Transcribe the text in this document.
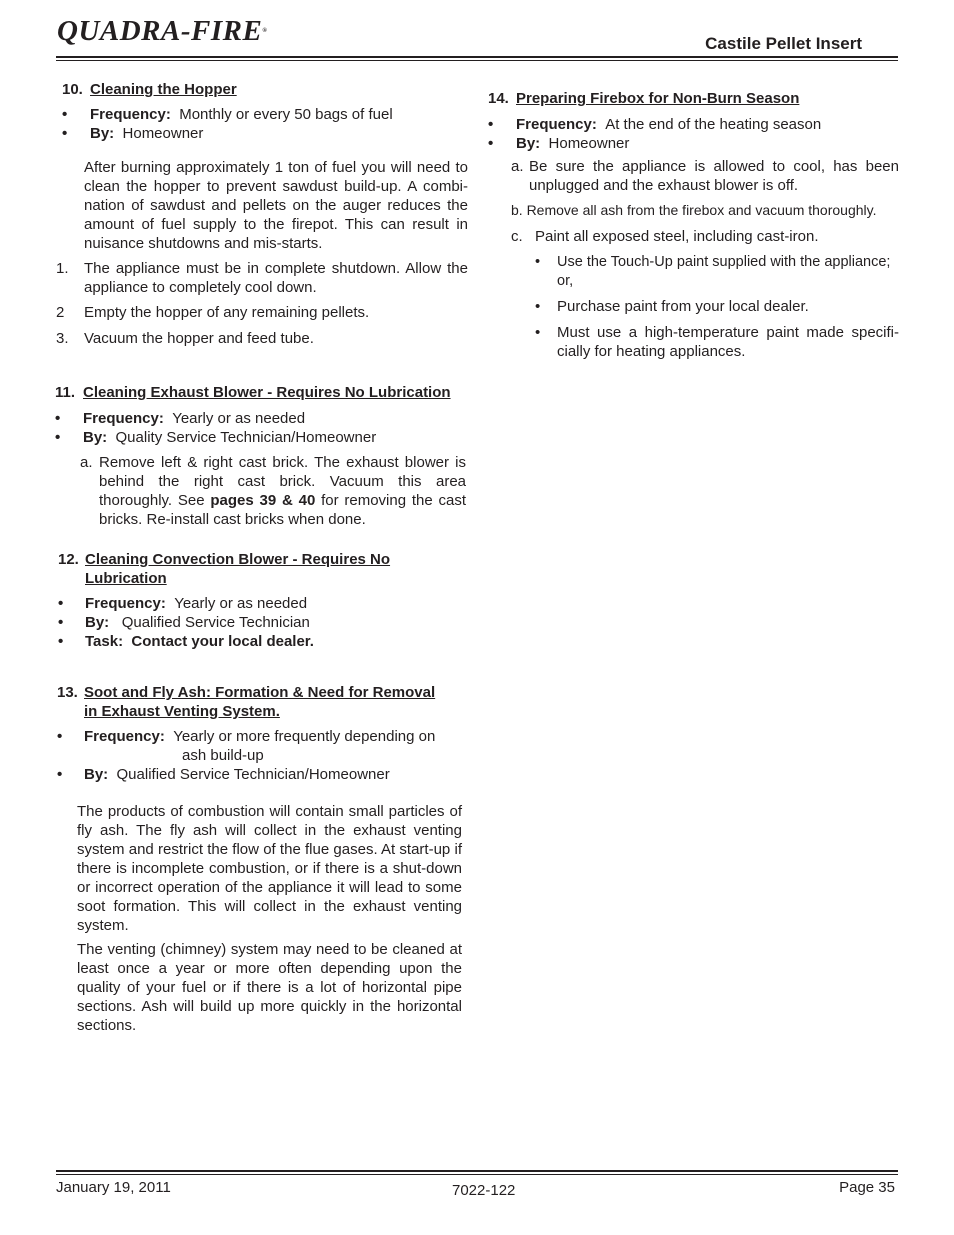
QUADRA-FIRE®
Castile Pellet Insert
10. Cleaning the Hopper
• Frequency: Monthly or every 50 bags of fuel
• By: Homeowner
After burning approximately 1 ton of fuel you will need to clean the hopper to prevent sawdust build-up. A combi-nation of sawdust and pellets on the auger reduces the amount of fuel supply to the firepot. This can result in nuisance shutdowns and mis-starts.
1. The appliance must be in complete shutdown. Allow the appliance to completely cool down.
2 Empty the hopper of any remaining pellets.
3. Vacuum the hopper and feed tube.
11. Cleaning Exhaust Blower - Requires No Lubrication
• Frequency: Yearly or as needed
• By: Quality Service Technician/Homeowner
a. Remove left & right cast brick. The exhaust blower is behind the right cast brick. Vacuum this area thoroughly. See pages 39 & 40 for removing the cast bricks. Re-install cast bricks when done.
12. Cleaning Convection Blower - Requires No
Lubrication
• Frequency: Yearly or as needed
• By: Qualified Service Technician
• Task: Contact your local dealer.
13. Soot and Fly Ash: Formation & Need for Removal
in Exhaust Venting System.
• Frequency: Yearly or more frequently depending on
ash build-up
• By: Qualified Service Technician/Homeowner
The products of combustion will contain small particles of fly ash. The fly ash will collect in the exhaust venting system and restrict the flow of the flue gases. At start-up if there is incomplete combustion, or if there is a shut-down or incorrect operation of the appliance it will lead to some soot formation. This will collect in the exhaust venting system.
The venting (chimney) system may need to be cleaned at least once a year or more often depending upon the quality of your fuel or if there is a lot of horizontal pipe sections. Ash will build up more quickly in the horizontal sections.
14. Preparing Firebox for Non-Burn Season
• Frequency: At the end of the heating season
• By: Homeowner
a. Be sure the appliance is allowed to cool, has been unplugged and the exhaust blower is off.
b. Remove all ash from the firebox and vacuum thoroughly.
c. Paint all exposed steel, including cast-iron.
• Use the Touch-Up paint supplied with the appliance; or,
• Purchase paint from your local dealer.
• Must use a high-temperature paint made specifi-cially for heating appliances.
January 19, 2011	7022-122	Page 35
